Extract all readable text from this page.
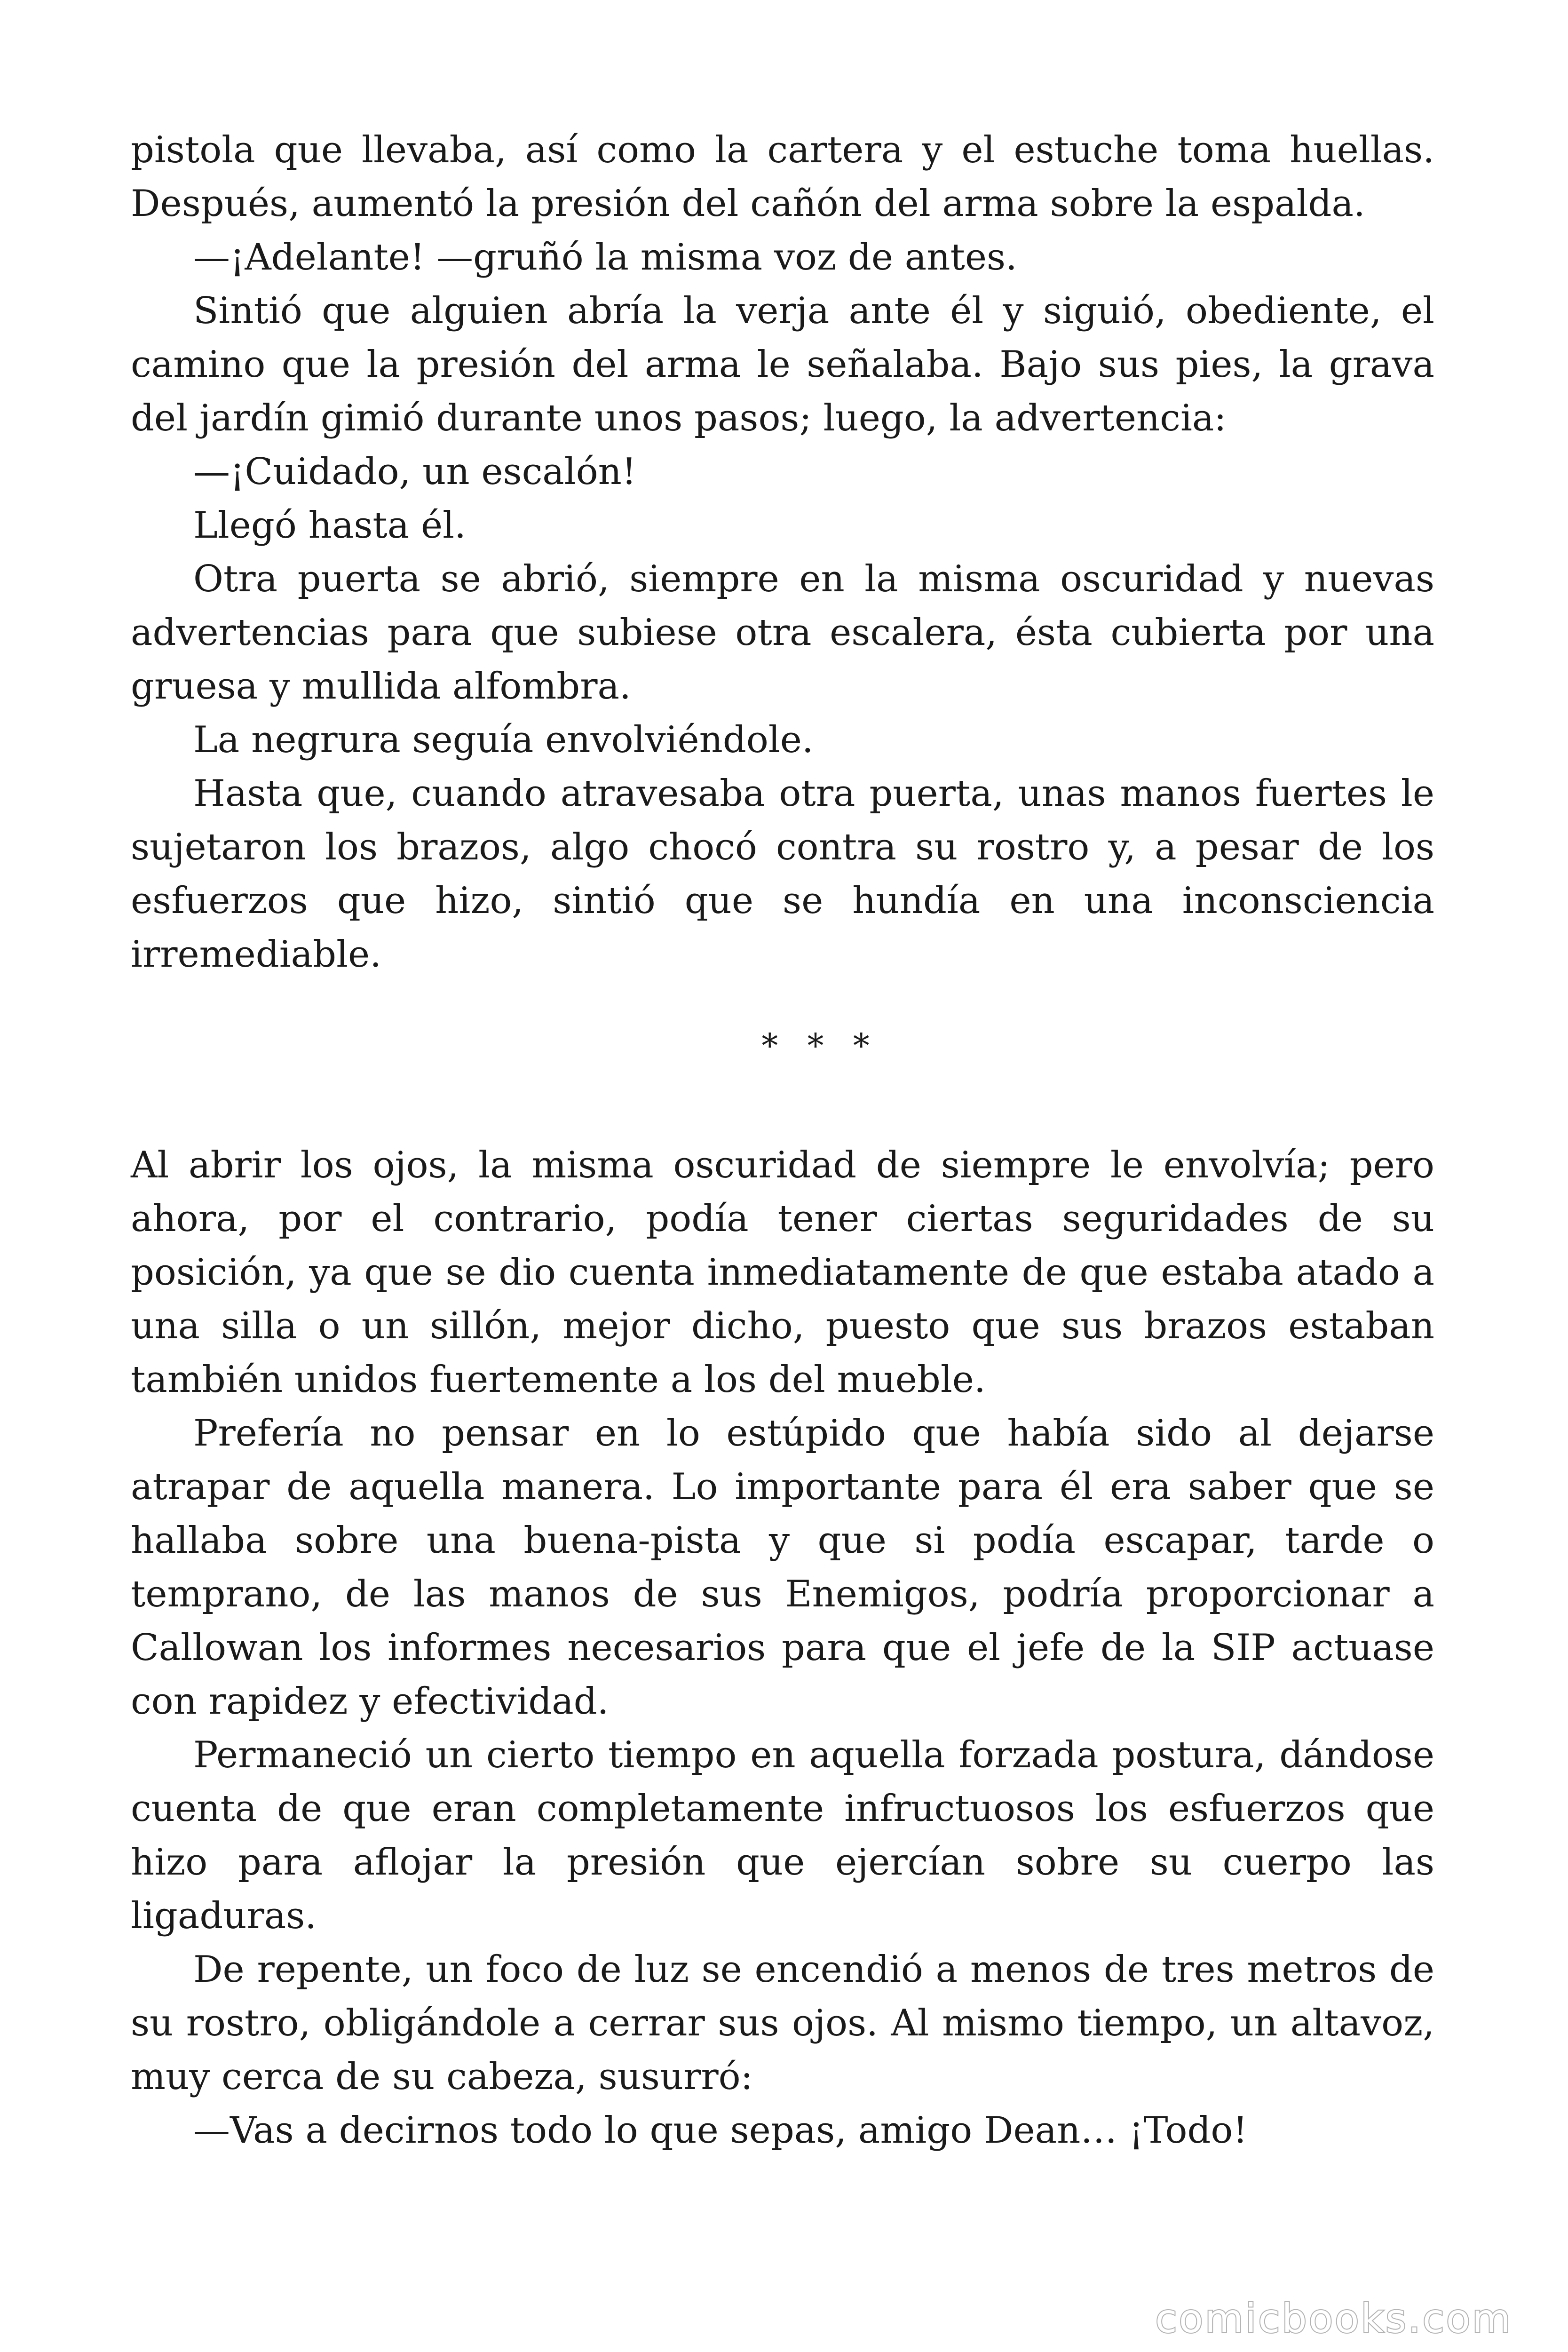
pistola que llevaba, así como la cartera y el estuche toma huellas. Después, aumentó la presión del cañón del arma sobre la espalda.

—¡Adelante! —gruñó la misma voz de antes.

Sintió que alguien abría la verja ante él y siguió, obediente, el camino que la presión del arma le señalaba. Bajo sus pies, la grava del jardín gimió durante unos pasos; luego, la advertencia:

—¡Cuidado, un escalón!

Llegó hasta él.

Otra puerta se abrió, siempre en la misma oscuridad y nuevas advertencias para que subiese otra escalera, ésta cubierta por una gruesa y mullida alfombra.

La negrura seguía envolviéndole.

Hasta que, cuando atravesaba otra puerta, unas manos fuertes le sujetaron los brazos, algo chocó contra su rostro y, a pesar de los esfuerzos que hizo, sintió que se hundía en una inconsciencia irremediable.

* * *

Al abrir los ojos, la misma oscuridad de siempre le envolvía; pero ahora, por el contrario, podía tener ciertas seguridades de su posición, ya que se dio cuenta inmediatamente de que estaba atado a una silla o un sillón, mejor dicho, puesto que sus brazos estaban también unidos fuertemente a los del mueble.

Prefería no pensar en lo estúpido que había sido al dejarse atrapar de aquella manera. Lo importante para él era saber que se hallaba sobre una buena-pista y que si podía escapar, tarde o temprano, de las manos de sus Enemigos, podría proporcionar a Callowan los informes necesarios para que el jefe de la SIP actuase con rapidez y efectividad.

Permaneció un cierto tiempo en aquella forzada postura, dándose cuenta de que eran completamente infructuosos los esfuerzos que hizo para aflojar la presión que ejercían sobre su cuerpo las ligaduras.

De repente, un foco de luz se encendió a menos de tres metros de su rostro, obligándole a cerrar sus ojos. Al mismo tiempo, un altavoz, muy cerca de su cabeza, susurró:

—Vas a decirnos todo lo que sepas, amigo Dean… ¡Todo!

comicbooks.com
